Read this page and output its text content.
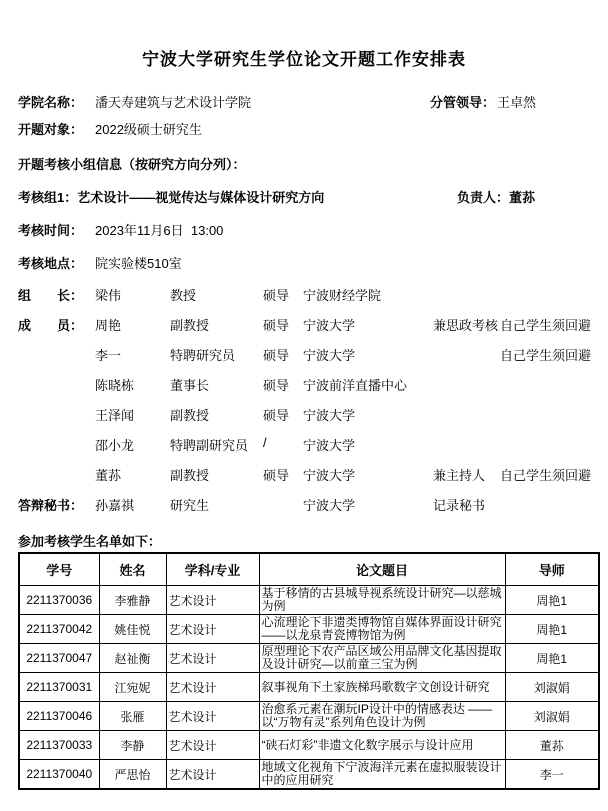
宁波大学研究生学位论文开题工作安排表
学院名称： 潘天寿建筑与艺术设计学院	分管领导： 王卓然
开题对象： 2022级硕士研究生
开题考核小组信息（按研究方向分列）：
考核组1：艺术设计——视觉传达与媒体设计研究方向	负责人：董荪
考核时间： 2023年11月6日  13:00
考核地点： 院实验楼510室
组　　长： 梁伟	教授	硕导 宁波财经学院
成　　员： 周艳	副教授	硕导 宁波大学	兼思政考核 自己学生须回避
李一	特聘研究员 硕导 宁波大学	自己学生须回避
陈晓栋	董事长	硕导 宁波前洋直播中心
王泽闻	副教授	硕导 宁波大学
邵小龙	特聘副研究员 /	宁波大学
董荪	副教授	硕导 宁波大学	兼主持人 自己学生须回避
答辩秘书： 孙嘉祺	研究生	宁波大学	记录秘书
参加考核学生名单如下：
学号	姓名	学科/专业	论文题目	导师
2211370036	李雅静	艺术设计	基于移情的古县城导视系统设计研究—以慈城为例	周艳1
2211370042	姚佳悦	艺术设计	心流理论下非遗类博物馆自媒体界面设计研究——以龙泉青瓷博物馆为例	周艳1
2211370047	赵祉衡	艺术设计	原型理论下农产品区域公用品牌文化基因提取及设计研究—以前童三宝为例	周艳1
2211370031	江宛妮	艺术设计	叙事视角下土家族梯玛歌数字文创设计研究	刘淑娟
2211370046	张雁	艺术设计	治愈系元素在潮玩IP设计中的情感表达 ——以“万物有灵”系列角色设计为例	刘淑娟
2211370033	李静	艺术设计	“硖石灯彩”非遗文化数字展示与设计应用	董荪
2211370040	严思怡	艺术设计	地域文化视角下宁波海洋元素在虚拟服装设计中的应用研究	李一
